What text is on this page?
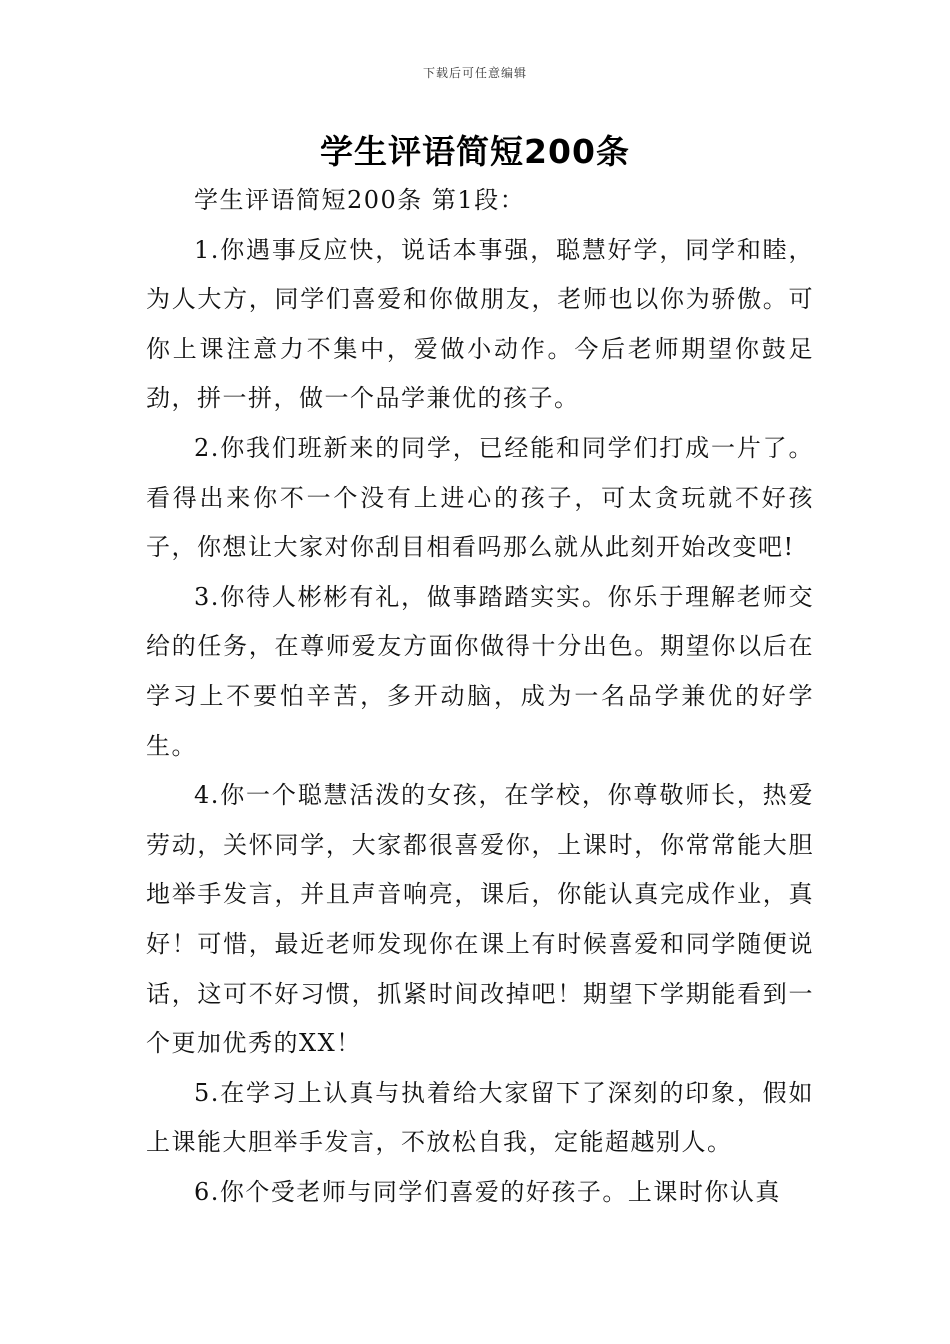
下载后可任意编辑
学生评语简短200条

学生评语简短200条 第1段：

1.你遇事反应快，说话本事强，聪慧好学，同学和睦，为人大方，同学们喜爱和你做朋友，老师也以你为骄傲。可你上课注意力不集中，爱做小动作。今后老师期望你鼓足劲，拼一拼，做一个品学兼优的孩子。

2.你我们班新来的同学，已经能和同学们打成一片了。看得出来你不一个没有上进心的孩子，可太贪玩就不好孩子，你想让大家对你刮目相看吗那么就从此刻开始改变吧!

3.你待人彬彬有礼，做事踏踏实实。你乐于理解老师交给的任务，在尊师爱友方面你做得十分出色。期望你以后在学习上不要怕辛苦，多开动脑，成为一名品学兼优的好学生。

4.你一个聪慧活泼的女孩，在学校，你尊敬师长，热爱劳动，关怀同学，大家都很喜爱你，上课时，你常常能大胆地举手发言，并且声音响亮，课后，你能认真完成作业，真好！可惜，最近老师发现你在课上有时候喜爱和同学随便说话，这可不好习惯，抓紧时间改掉吧！期望下学期能看到一个更加优秀的XX！

5.在学习上认真与执着给大家留下了深刻的印象，假如上课能大胆举手发言，不放松自我，定能超越别人。

6.你个受老师与同学们喜爱的好孩子。上课时你认真
